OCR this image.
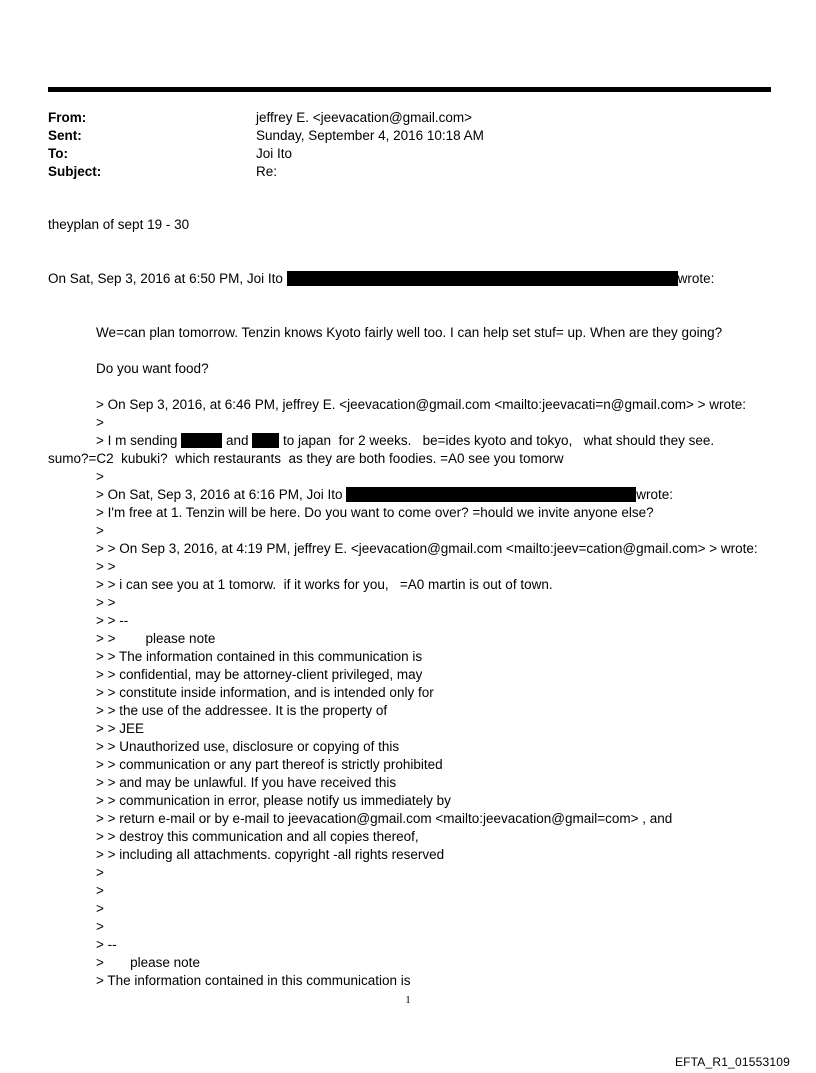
From:	jeffrey E. <jeevacation@gmail.com>
Sent:	Sunday, September 4, 2016 10:18 AM
To:	Joi Ito
Subject:	Re:
theyplan of sept 19 - 30
On Sat, Sep 3, 2016 at 6:50 PM, Joi Ito	wrote:
We=can plan tomorrow. Tenzin knows Kyoto fairly well too. I can help set stuf= up. When are they going?
Do you want food?
> On Sep 3, 2016, at 6:46 PM, jeffrey E. <jeevacation@gmail.com <mailto:jeevacati=n@gmail.com> > wrote:
>
> I m sending	and	to japan  for 2 weeks.   be=ides kyoto and tokyo,   what should they see.
sumo?=C2  kubuki?  which restaurants  as they are both foodies. =A0 see you tomorw
>
> On Sat, Sep 3, 2016 at 6:16 PM, Joi Ito	wrote:
> I'm free at 1. Tenzin will be here. Do you want to come over? =hould we invite anyone else?
>
> > On Sep 3, 2016, at 4:19 PM, jeffrey E. <jeevacation@gmail.com <mailto:jeev=cation@gmail.com> > wrote:
> >
> > i can see you at 1 tomorw.  if it works for you,   =A0 martin is out of town.
> >
> > --
> >        please note
> > The information contained in this communication is
> > confidential, may be attorney-client privileged, may
> > constitute inside information, and is intended only for
> > the use of the addressee. It is the property of
> > JEE
> > Unauthorized use, disclosure or copying of this
> > communication or any part thereof is strictly prohibited
> > and may be unlawful. If you have received this
> > communication in error, please notify us immediately by
> > return e-mail or by e-mail to jeevacation@gmail.com <mailto:jeevacation@gmail=com> , and
> > destroy this communication and all copies thereof,
> > including all attachments. copyright -all rights reserved
>
>
>
>
> --
>       please note
> The information contained in this communication is
1
EFTA_R1_01553109
